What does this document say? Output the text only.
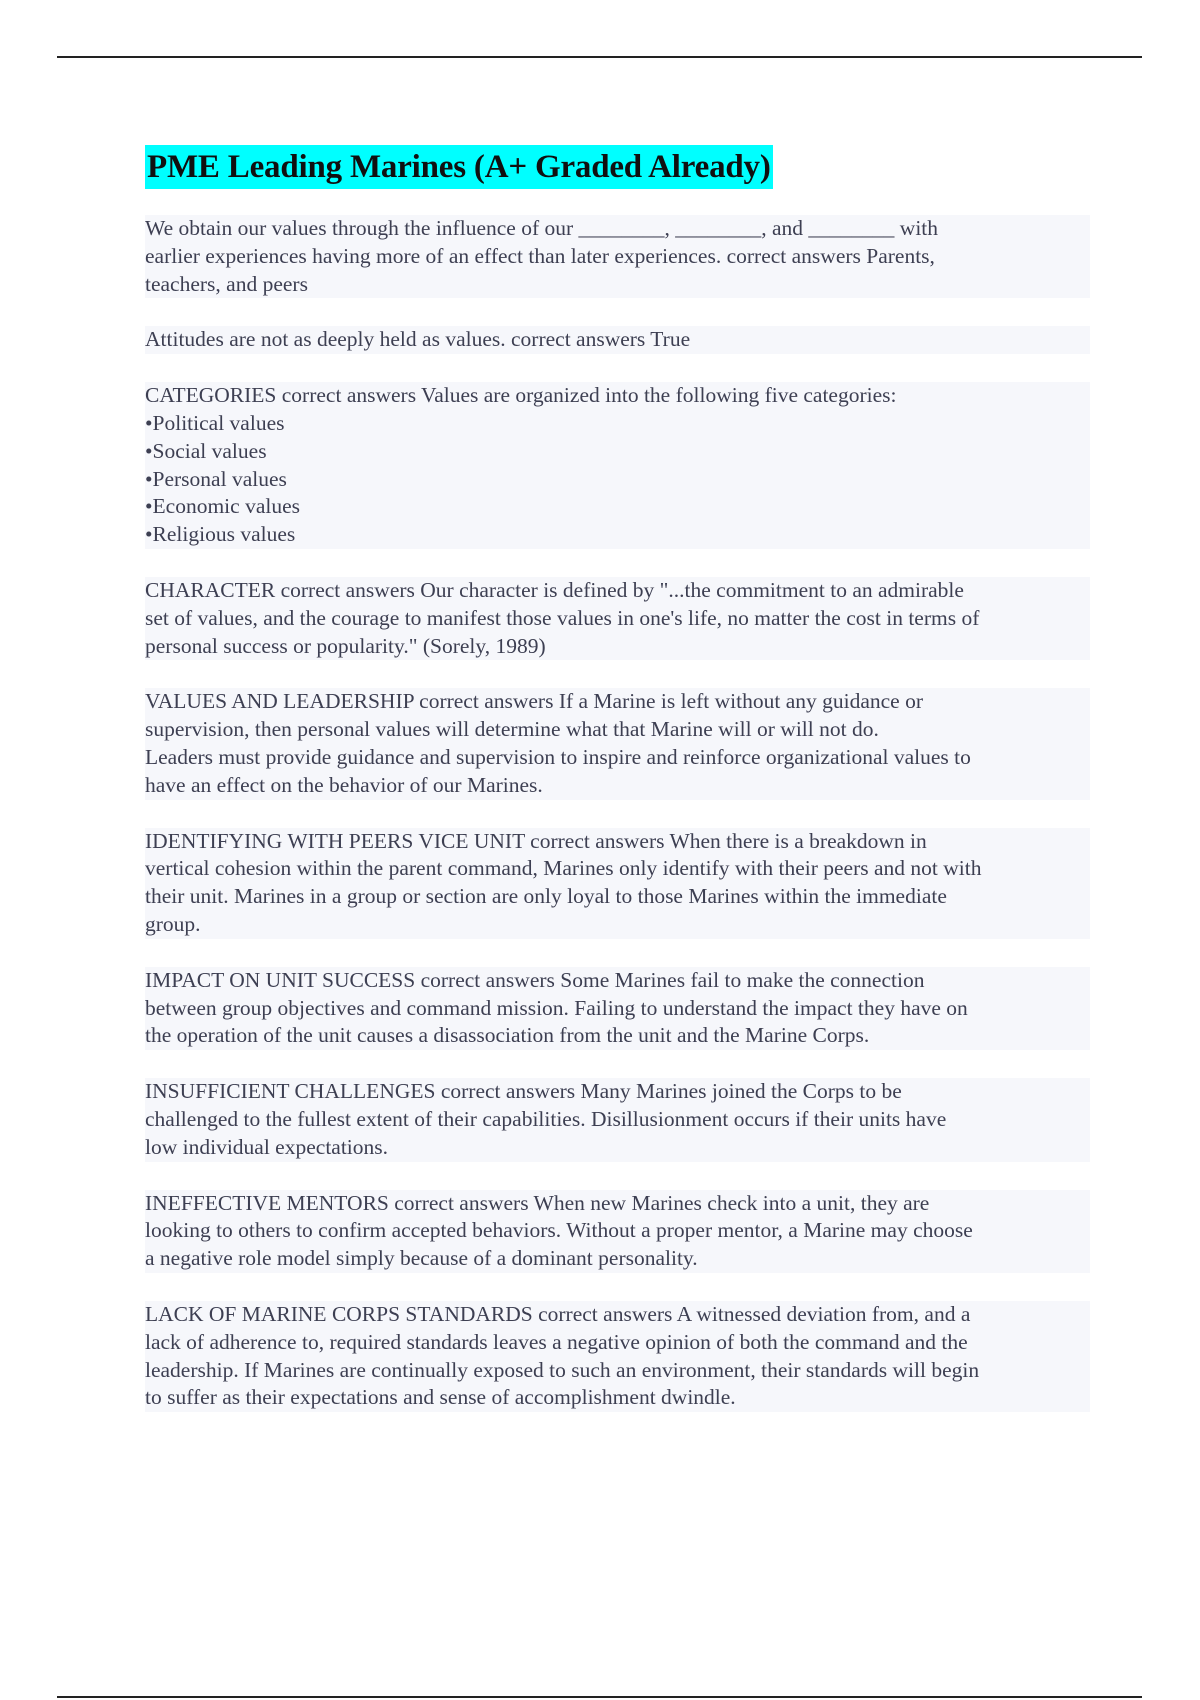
PME Leading Marines (A+ Graded Already)

We obtain our values through the influence of our ________, ________, and ________ with
earlier experiences having more of an effect than later experiences. correct answers Parents,
teachers, and peers

Attitudes are not as deeply held as values. correct answers True

CATEGORIES correct answers Values are organized into the following five categories:
•Political values
•Social values
•Personal values
•Economic values
•Religious values

CHARACTER correct answers Our character is defined by "...the commitment to an admirable
set of values, and the courage to manifest those values in one's life, no matter the cost in terms of
personal success or popularity." (Sorely, 1989)

VALUES AND LEADERSHIP correct answers If a Marine is left without any guidance or
supervision, then personal values will determine what that Marine will or will not do.
Leaders must provide guidance and supervision to inspire and reinforce organizational values to
have an effect on the behavior of our Marines.

IDENTIFYING WITH PEERS VICE UNIT correct answers When there is a breakdown in
vertical cohesion within the parent command, Marines only identify with their peers and not with
their unit. Marines in a group or section are only loyal to those Marines within the immediate
group.

IMPACT ON UNIT SUCCESS correct answers Some Marines fail to make the connection
between group objectives and command mission. Failing to understand the impact they have on
the operation of the unit causes a disassociation from the unit and the Marine Corps.

INSUFFICIENT CHALLENGES correct answers Many Marines joined the Corps to be
challenged to the fullest extent of their capabilities. Disillusionment occurs if their units have
low individual expectations.

INEFFECTIVE MENTORS correct answers When new Marines check into a unit, they are
looking to others to confirm accepted behaviors. Without a proper mentor, a Marine may choose
a negative role model simply because of a dominant personality.

LACK OF MARINE CORPS STANDARDS correct answers A witnessed deviation from, and a
lack of adherence to, required standards leaves a negative opinion of both the command and the
leadership. If Marines are continually exposed to such an environment, their standards will begin
to suffer as their expectations and sense of accomplishment dwindle.
